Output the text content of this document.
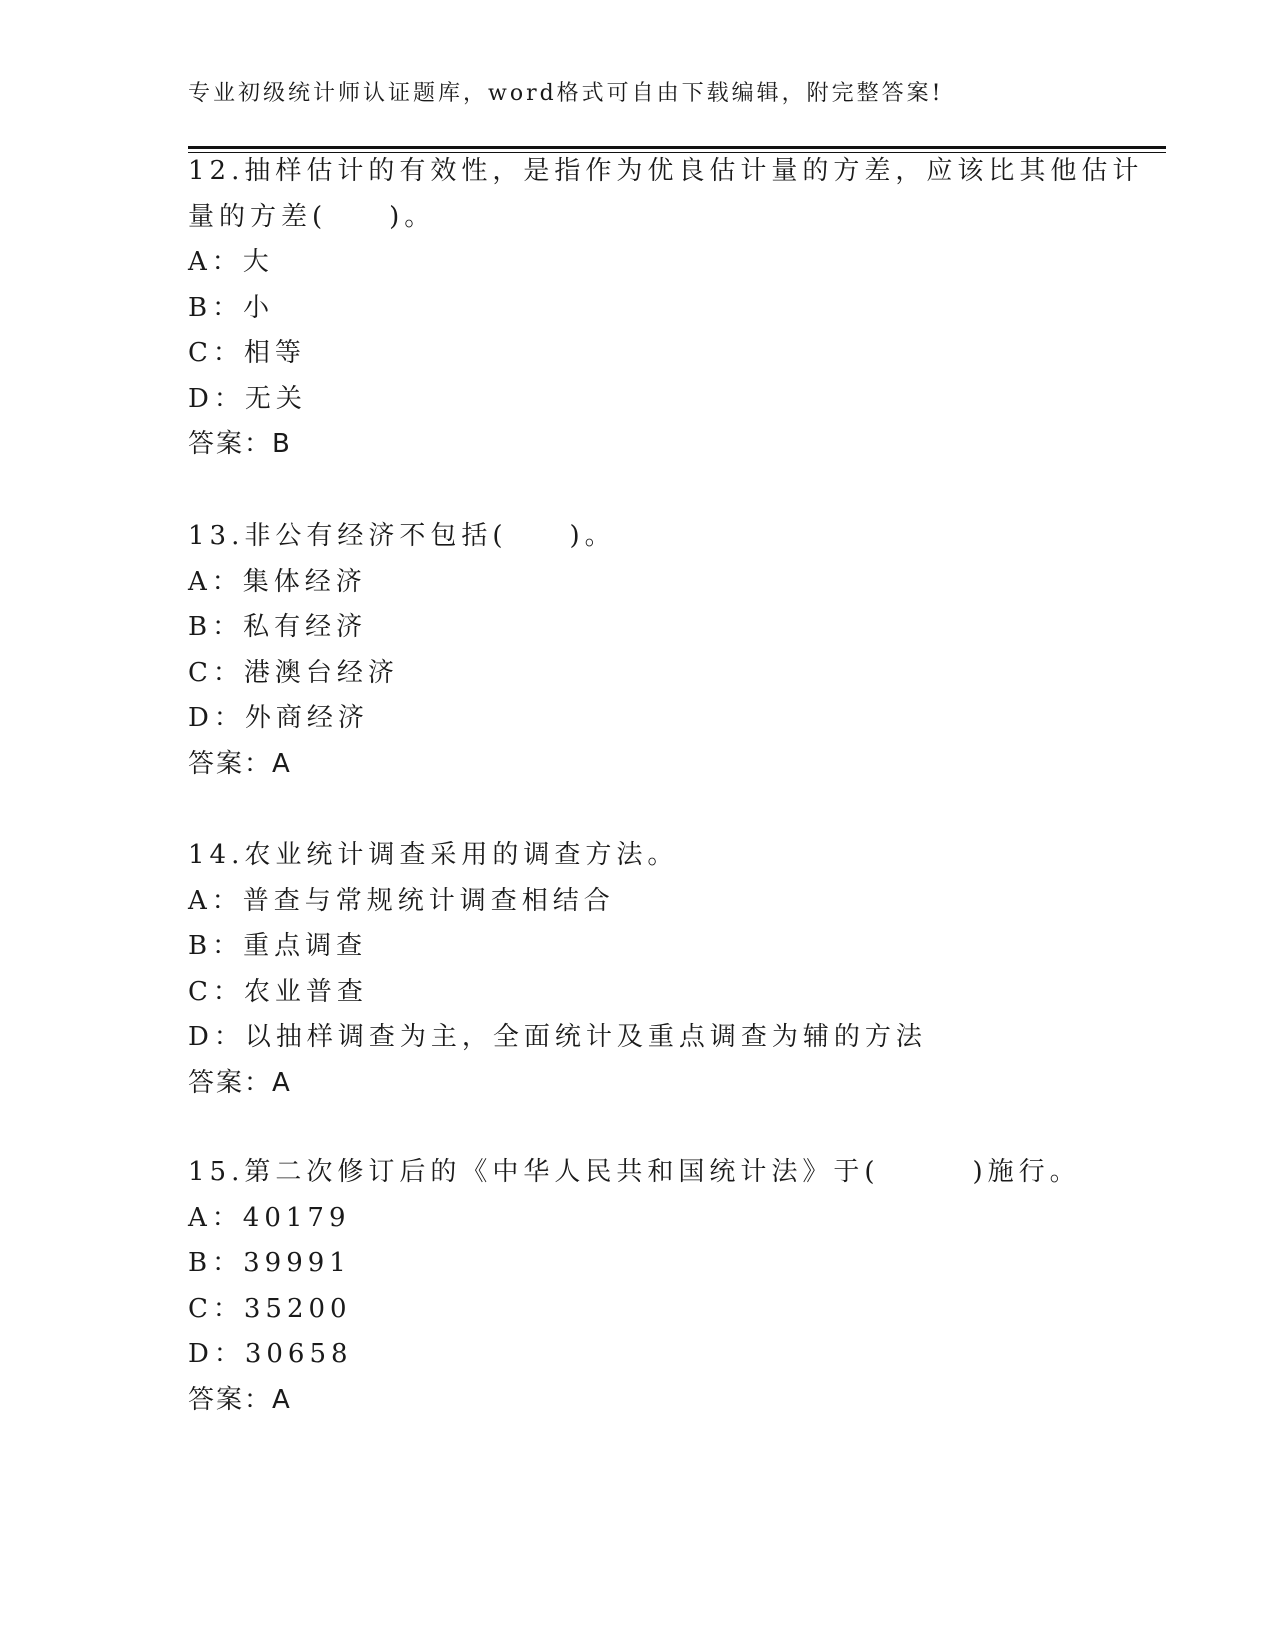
专业初级统计师认证题库，word格式可自由下载编辑，附完整答案!
12.抽样估计的有效性，是指作为优良估计量的方差，应该比其他估计
量的方差(　　)。
A：大
B：小
C：相等
D：无关
答案：B
13.非公有经济不包括(　　)。
A：集体经济
B：私有经济
C：港澳台经济
D：外商经济
答案：A
14.农业统计调查采用的调查方法。
A：普查与常规统计调查相结合
B：重点调查
C：农业普查
D：以抽样调查为主，全面统计及重点调查为辅的方法
答案：A
15.第二次修订后的《中华人民共和国统计法》于(　　　)施行。
A：40179
B：39991
C：35200
D：30658
答案：A
